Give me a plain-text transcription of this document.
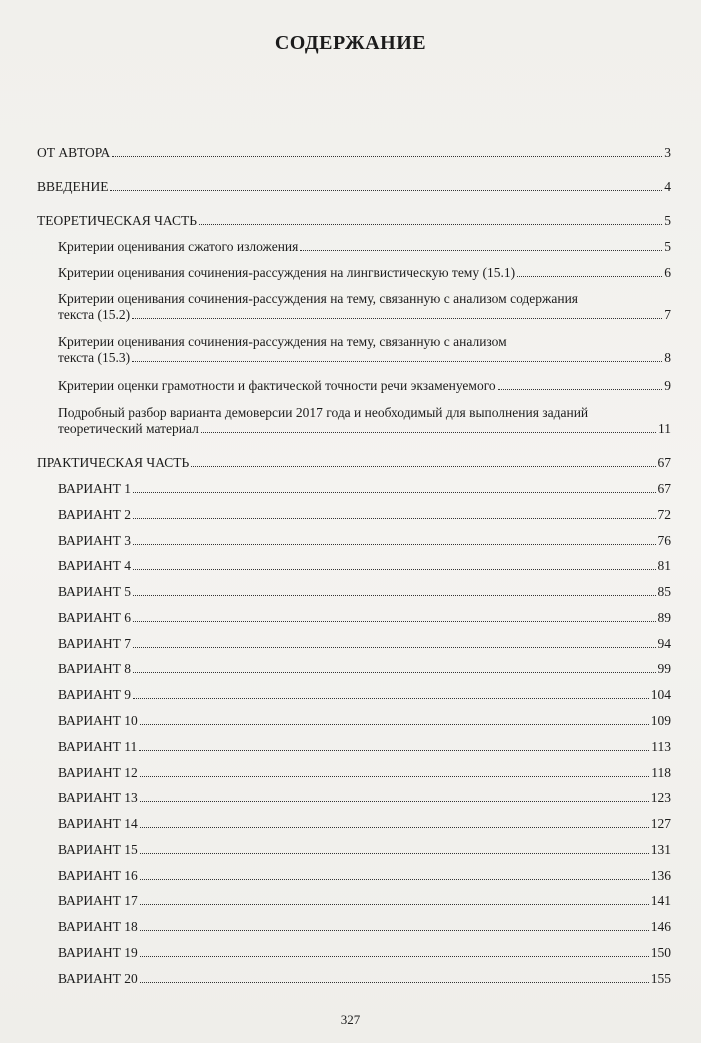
СОДЕРЖАНИЕ
ОТ АВТОРА	3
ВВЕДЕНИЕ	4
ТЕОРЕТИЧЕСКАЯ ЧАСТЬ	5
Критерии оценивания сжатого изложения	5
Критерии оценивания сочинения-рассуждения на лингвистическую тему (15.1)	6
Критерии оценивания сочинения-рассуждения на тему, связанную с анализом содержания
текста (15.2)	7
Критерии оценивания сочинения-рассуждения на тему, связанную с анализом
текста (15.3)	8
Критерии оценки грамотности и фактической точности речи экзаменуемого	9
Подробный разбор варианта демоверсии 2017 года и необходимый для выполнения заданий
теоретический материал	11
ПРАКТИЧЕСКАЯ ЧАСТЬ	67
ВАРИАНТ 1	67
ВАРИАНТ 2	72
ВАРИАНТ 3	76
ВАРИАНТ 4	81
ВАРИАНТ 5	85
ВАРИАНТ 6	89
ВАРИАНТ 7	94
ВАРИАНТ 8	99
ВАРИАНТ 9	104
ВАРИАНТ 10	109
ВАРИАНТ 11	113
ВАРИАНТ 12	118
ВАРИАНТ 13	123
ВАРИАНТ 14	127
ВАРИАНТ 15	131
ВАРИАНТ 16	136
ВАРИАНТ 17	141
ВАРИАНТ 18	146
ВАРИАНТ 19	150
ВАРИАНТ 20	155
327
